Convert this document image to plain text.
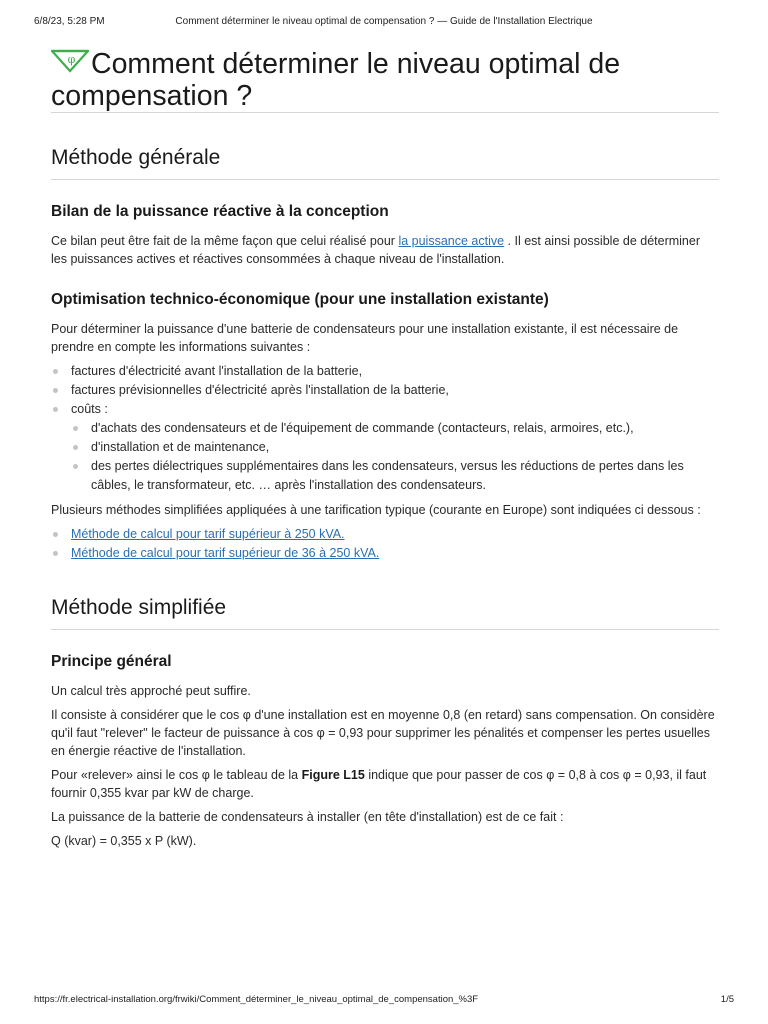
6/8/23, 5:28 PM	Comment déterminer le niveau optimal de compensation ? — Guide de l'Installation Electrique
φ Comment déterminer le niveau optimal de compensation ?
Méthode générale
Bilan de la puissance réactive à la conception

Ce bilan peut être fait de la même façon que celui réalisé pour la puissance active . Il est ainsi possible de déterminer les puissances actives et réactives consommées à chaque niveau de l'installation.

Optimisation technico-économique (pour une installation existante)

Pour déterminer la puissance d'une batterie de condensateurs pour une installation existante, il est nécessaire de prendre en compte les informations suivantes :

factures d'électricité avant l'installation de la batterie,
factures prévisionnelles d'électricité après l'installation de la batterie,
coûts :
d'achats des condensateurs et de l'équipement de commande (contacteurs, relais, armoires, etc.),
d'installation et de maintenance,
des pertes diélectriques supplémentaires dans les condensateurs, versus les réductions de pertes dans les câbles, le transformateur, etc. … après l'installation des condensateurs.

Plusieurs méthodes simplifiées appliquées à une tarification typique (courante en Europe) sont indiquées ci dessous :

Méthode de calcul pour tarif supérieur à 250 kVA.
Méthode de calcul pour tarif supérieur de 36 à 250 kVA.
Méthode simplifiée
Principe général

Un calcul très approché peut suffire.

Il consiste à considérer que le cos φ d'une installation est en moyenne 0,8 (en retard) sans compensation. On considère qu'il faut "relever" le facteur de puissance à cos φ = 0,93 pour supprimer les pénalités et compenser les pertes usuelles en énergie réactive de l'installation.

Pour «relever» ainsi le cos φ le tableau de la Figure L15 indique que pour passer de cos φ = 0,8 à cos φ = 0,93, il faut fournir 0,355 kvar par kW de charge.

La puissance de la batterie de condensateurs à installer (en tête d'installation) est de ce fait :

Q (kvar) = 0,355 x P (kW).

https://fr.electrical-installation.org/frwiki/Comment_déterminer_le_niveau_optimal_de_compensation_%3F	1/5
